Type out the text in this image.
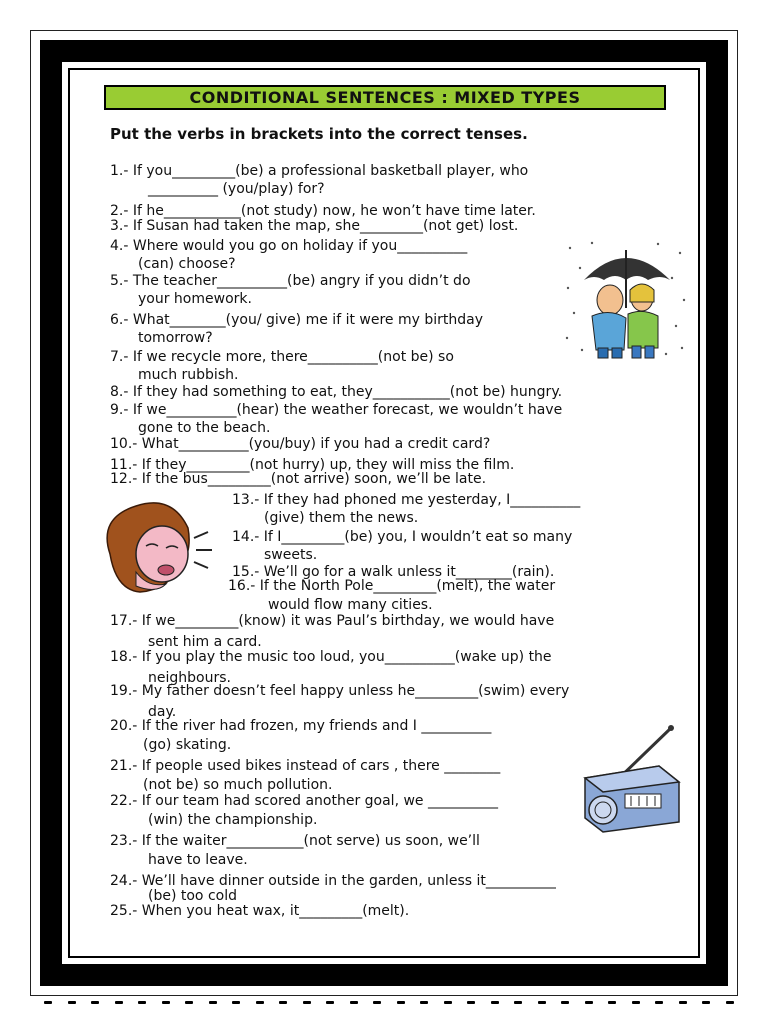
CONDITIONAL SENTENCES : MIXED TYPES
Put the verbs in brackets into the correct tenses.
1.- If you_________(be) a professional basketball player, who
__________ (you/play) for?
2.- If he___________(not study) now, he won’t have time later.
3.- If Susan had taken the map, she_________(not get) lost.
4.- Where would you go on holiday if you__________
(can) choose?
5.- The teacher__________(be) angry if you didn’t do
your homework.
6.- What________(you/ give) me if it were my birthday
tomorrow?
7.- If we recycle more, there__________(not be) so
much rubbish.
8.- If they had something to eat, they___________(not be) hungry.
9.- If we__________(hear) the weather forecast, we wouldn’t have
gone to the beach.
10.- What__________(you/buy) if you had a credit card?
11.- If they_________(not hurry) up, they will miss the film.
12.- If the bus_________(not arrive) soon, we’ll be late.
13.- If they had phoned me yesterday, I__________
(give) them the news.
14.- If I_________(be) you, I wouldn’t eat so many
sweets.
15.- We’ll go for a walk unless it________(rain).
16.- If the North Pole_________(melt), the water
would flow many cities.
17.- If we_________(know) it was Paul’s birthday, we would have
sent him a card.
18.- If you play the music too loud, you__________(wake up) the
neighbours.
19.- My father doesn’t feel happy unless he_________(swim) every
day.
20.- If the river had frozen, my friends and I __________
(go) skating.
21.- If people used bikes instead of cars , there ________
(not be) so much pollution.
22.- If our team had scored another goal, we __________
(win) the championship.
23.- If the waiter___________(not serve) us soon, we’ll
have to leave.
24.- We’ll have dinner outside in the garden, unless it__________
(be) too cold
25.- When you heat wax, it_________(melt).
